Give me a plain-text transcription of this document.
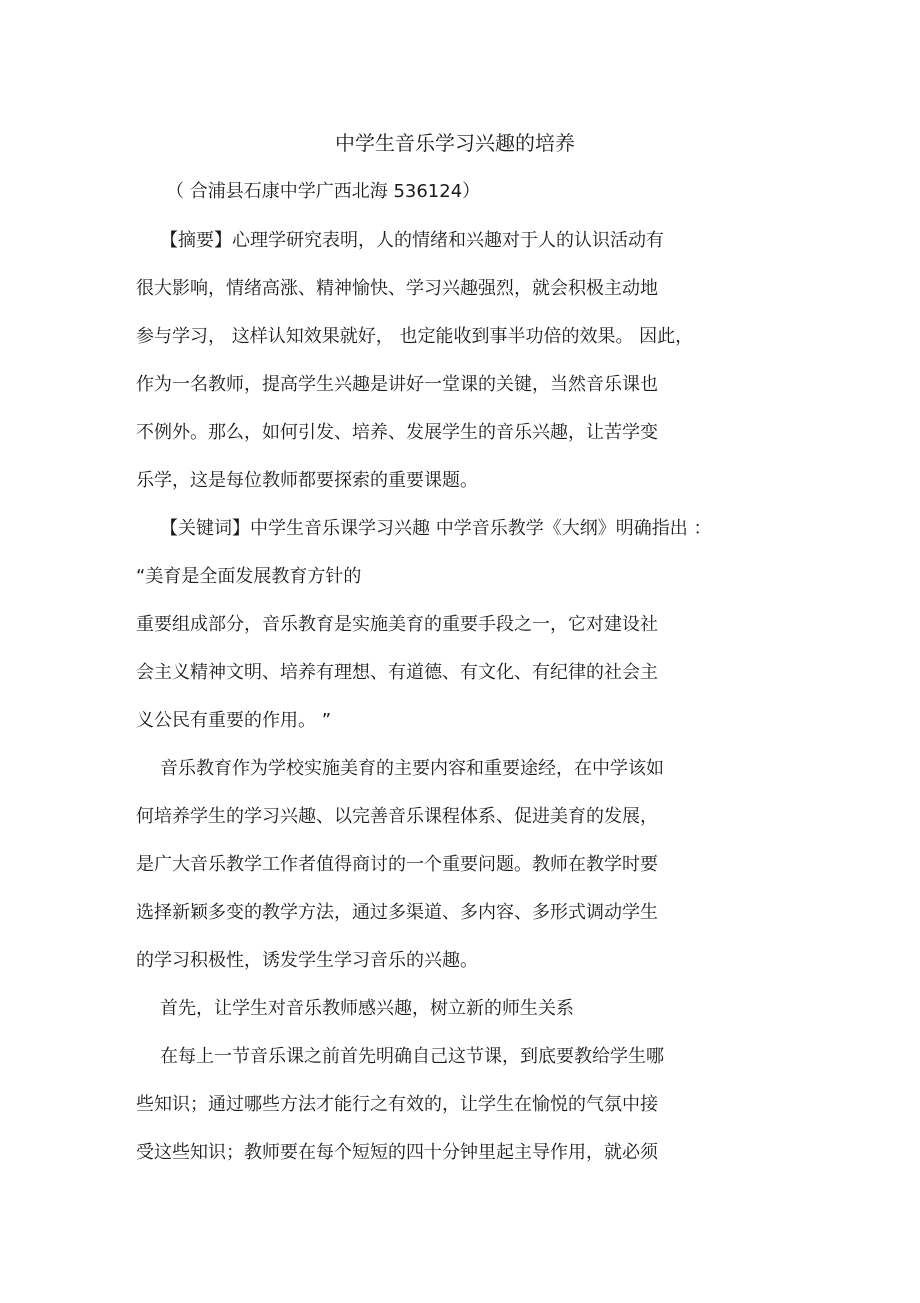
中学生音乐学习兴趣的培养
（ 合浦县石康中学广西北海 536124）
【摘要】心理学研究表明，人的情绪和兴趣对于人的认识活动有
很大影响，情绪高涨、精神愉快、学习兴趣强烈，就会积极主动地
参与学习， 这样认知效果就好， 也定能收到事半功倍的效果。 因此，
作为一名教师，提高学生兴趣是讲好一堂课的关键，当然音乐课也
不例外。那么，如何引发、培养、发展学生的音乐兴趣，让苦学变
乐学，这是每位教师都要探索的重要课题。
【关键词】中学生音乐课学习兴趣 中学音乐教学《大纲》明确指出 ：
“美育是全面发展教育方针的
重要组成部分，音乐教育是实施美育的重要手段之一，它对建设社
会主义精神文明、培养有理想、有道德、有文化、有纪律的社会主
义公民有重要的作用。 ”
音乐教育作为学校实施美育的主要内容和重要途经，在中学该如
何培养学生的学习兴趣、以完善音乐课程体系、促进美育的发展，
是广大音乐教学工作者值得商讨的一个重要问题。教师在教学时要
选择新颖多变的教学方法，通过多渠道、多内容、多形式调动学生
的学习积极性，诱发学生学习音乐的兴趣。
首先，让学生对音乐教师感兴趣，树立新的师生关系
在每上一节音乐课之前首先明确自己这节课，到底要教给学生哪
些知识；通过哪些方法才能行之有效的，让学生在愉悦的气氛中接
受这些知识；教师要在每个短短的四十分钟里起主导作用，就必须
